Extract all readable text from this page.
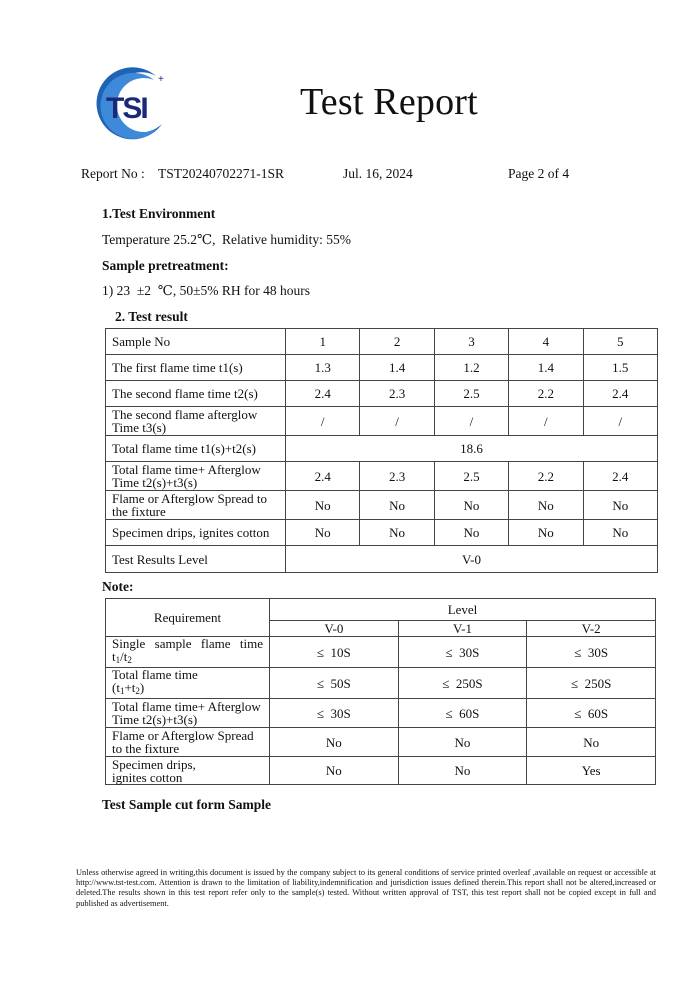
TSI
+
Test Report
Report No : TST20240702271-1SR	Jul. 16, 2024	Page 2 of 4
1.Test Environment
Temperature 25.2℃, Relative humidity: 55%
Sample pretreatment:
1) 23  ±2  ℃, 50±5% RH for 48 hours
2. Test result
Sample No	1	2	3	4	5
The first flame time t1(s)	1.3	1.4	1.2	1.4	1.5
The second flame time t2(s)	2.4	2.3	2.5	2.2	2.4
The second flame afterglow Time t3(s)	/	/	/	/	/
Total flame time t1(s)+t2(s)	18.6				
Total flame time+ Afterglow Time t2(s)+t3(s)	2.4	2.3	2.5	2.2	2.4
Flame or Afterglow Spread to the fixture	No	No	No	No	No
Specimen drips, ignites cotton	No	No	No	No	No
Test Results Level	V-0				
Note:
Requirement	Level		
	V-0	V-1	V-2

Single  sample  flame  time
$t_1/t_2$	≤  10S	≤  30S	≤  30S

Total flame time
$(t_1+t_2)$	≤  50S	≤  250S	≤  250S

Total flame time+ Afterglow
Time t2(s)+t3(s)	≤  30S	≤  60S	≤  60S

Flame or Afterglow Spread
to the fixture	No	No	No

Specimen drips,
ignites cotton	No	No	Yes
Test Sample cut form Sample
Unless otherwise agreed in writing,this document is issued by the company subject to its general conditions of service printed overleaf ,available on request or accessible at http://www.tst-test.com. Attention is drawn to the limitation of liability,indemnification and jurisdiction issues defined therein.This report shall not be altered,increased or deleted.The results shown in this test report refer only to the sample(s) tested. Without written approval of TST, this test report shall not be copied except in full and published as advertisement.
